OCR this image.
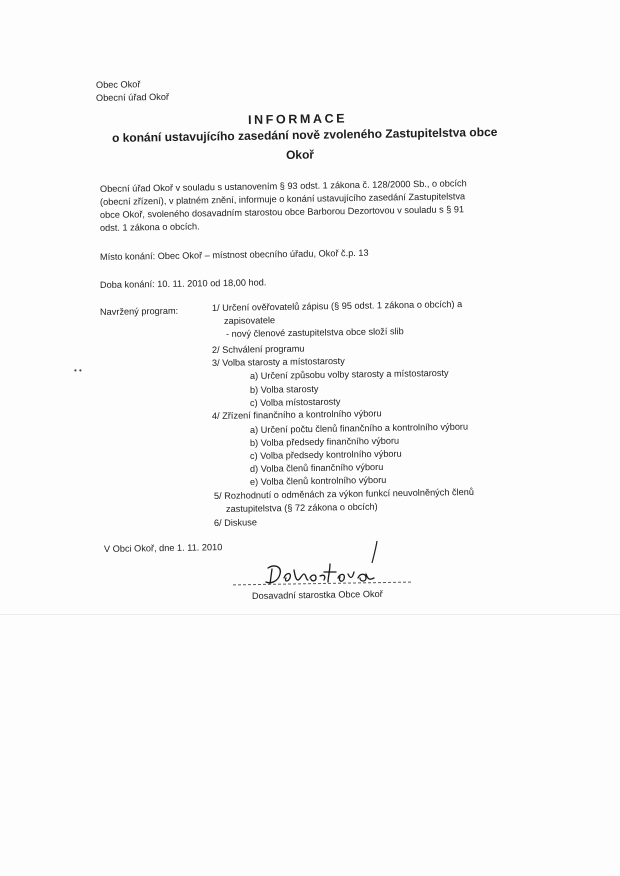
Obec Okoř
Obecní úřad Okoř
INFORMACE
o konání ustavujícího zasedání nově zvoleného Zastupitelstva obce
Okoř
Obecní úřad Okoř v souladu s ustanovením § 93 odst. 1 zákona č. 128/2000 Sb., o obcích
(obecní zřízení), v platném znění, informuje o konání ustavujícího zasedání Zastupitelstva
obce Okoř, svoleného dosavadním starostou obce Barborou Dezortovou v souladu s § 91
odst. 1 zákona o obcích.
Místo konání: Obec Okoř – místnost obecního úřadu, Okoř č.p. 13
Doba konání: 10. 11. 2010 od 18,00 hod.
Navržený program:	1/ Určení ověřovatelů zápisu (§ 95 odst. 1 zákona o obcích) a
zapisovatele
- nový členové zastupitelstva obce složí slib
2/ Schválení programu
3/ Volba starosty a místostarosty
a) Určení způsobu volby starosty a místostarosty
b) Volba starosty
c) Volba místostarosty
4/ Zřízení finančního a kontrolního výboru
a) Určení počtu členů finančního a kontrolního výboru
b) Volba předsedy finančního výboru
c) Volba předsedy kontrolního výboru
d) Volba členů finančního výboru
e) Volba členů kontrolního výboru
5/ Rozhodnutí o odměnách za výkon funkcí neuvolněných členů
zastupitelstva (§ 72 zákona o obcích)
6/ Diskuse
• •
V Obci Okoř, dne 1. 11. 2010
Dosavadní starostka Obce Okoř
